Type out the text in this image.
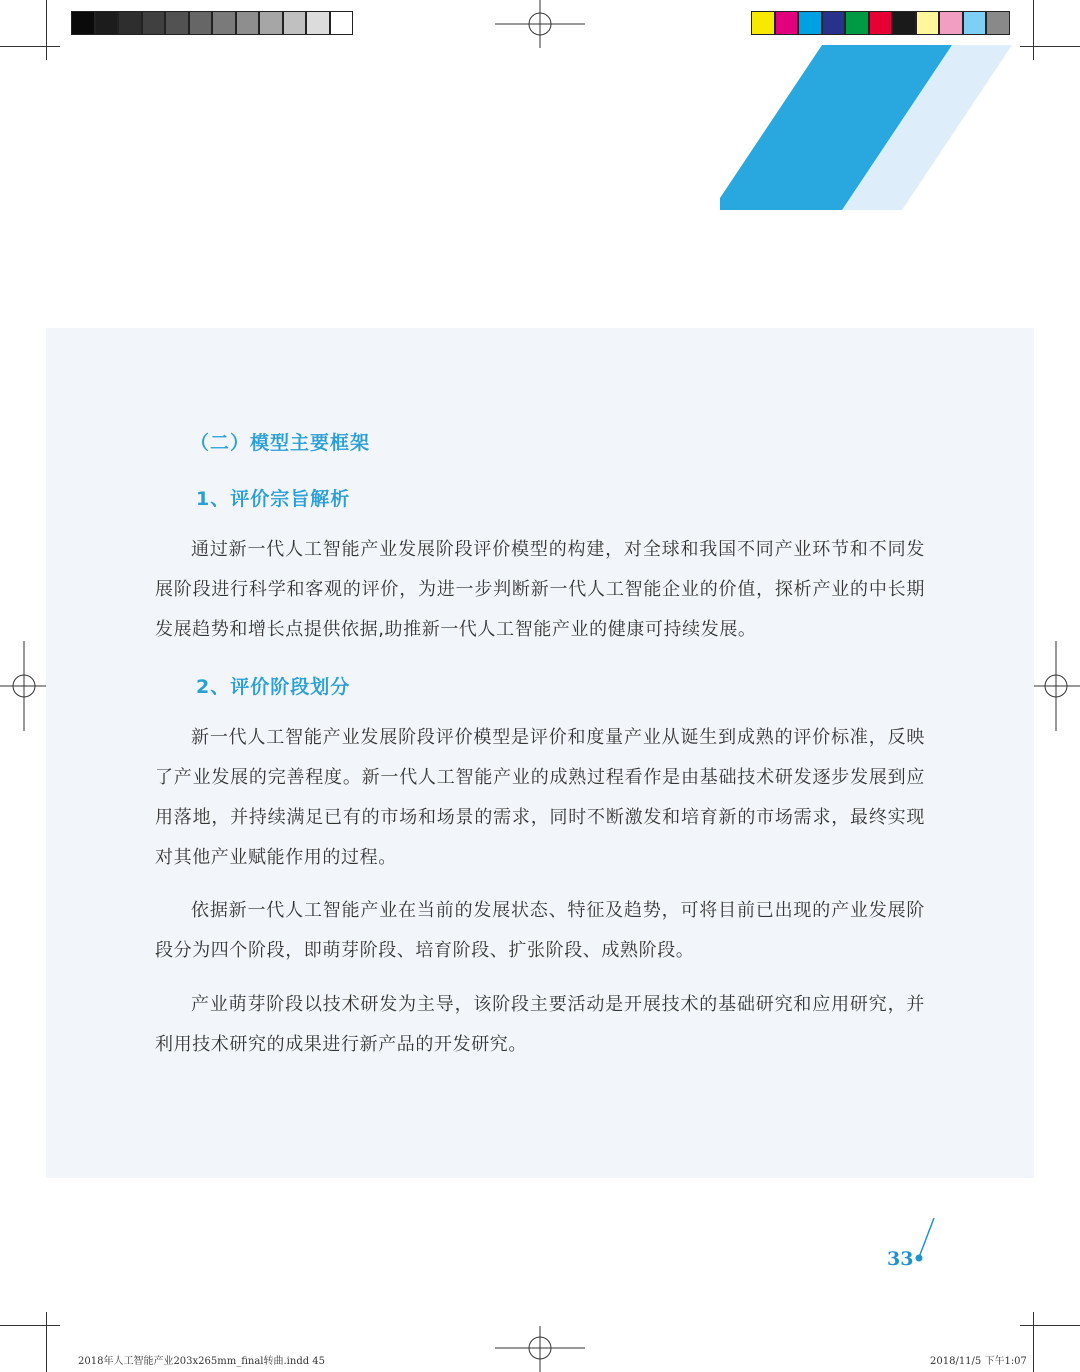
（二）模型主要框架
1、评价宗旨解析
通过新一代人工智能产业发展阶段评价模型的构建，对全球和我国不同产业环节和不同发展阶段进行科学和客观的评价，为进一步判断新一代人工智能企业的价值，探析产业的中长期发展趋势和增长点提供依据,助推新一代人工智能产业的健康可持续发展。
2、评价阶段划分
新一代人工智能产业发展阶段评价模型是评价和度量产业从诞生到成熟的评价标准，反映了产业发展的完善程度。新一代人工智能产业的成熟过程看作是由基础技术研发逐步发展到应用落地，并持续满足已有的市场和场景的需求，同时不断激发和培育新的市场需求，最终实现对其他产业赋能作用的过程。
依据新一代人工智能产业在当前的发展状态、特征及趋势，可将目前已出现的产业发展阶段分为四个阶段，即萌芽阶段、培育阶段、扩张阶段、成熟阶段。
产业萌芽阶段以技术研发为主导，该阶段主要活动是开展技术的基础研究和应用研究，并利用技术研究的成果进行新产品的开发研究。
33
2018年人工智能产业203x265mm_final转曲.indd 45	2018/11/5 下午1:07
